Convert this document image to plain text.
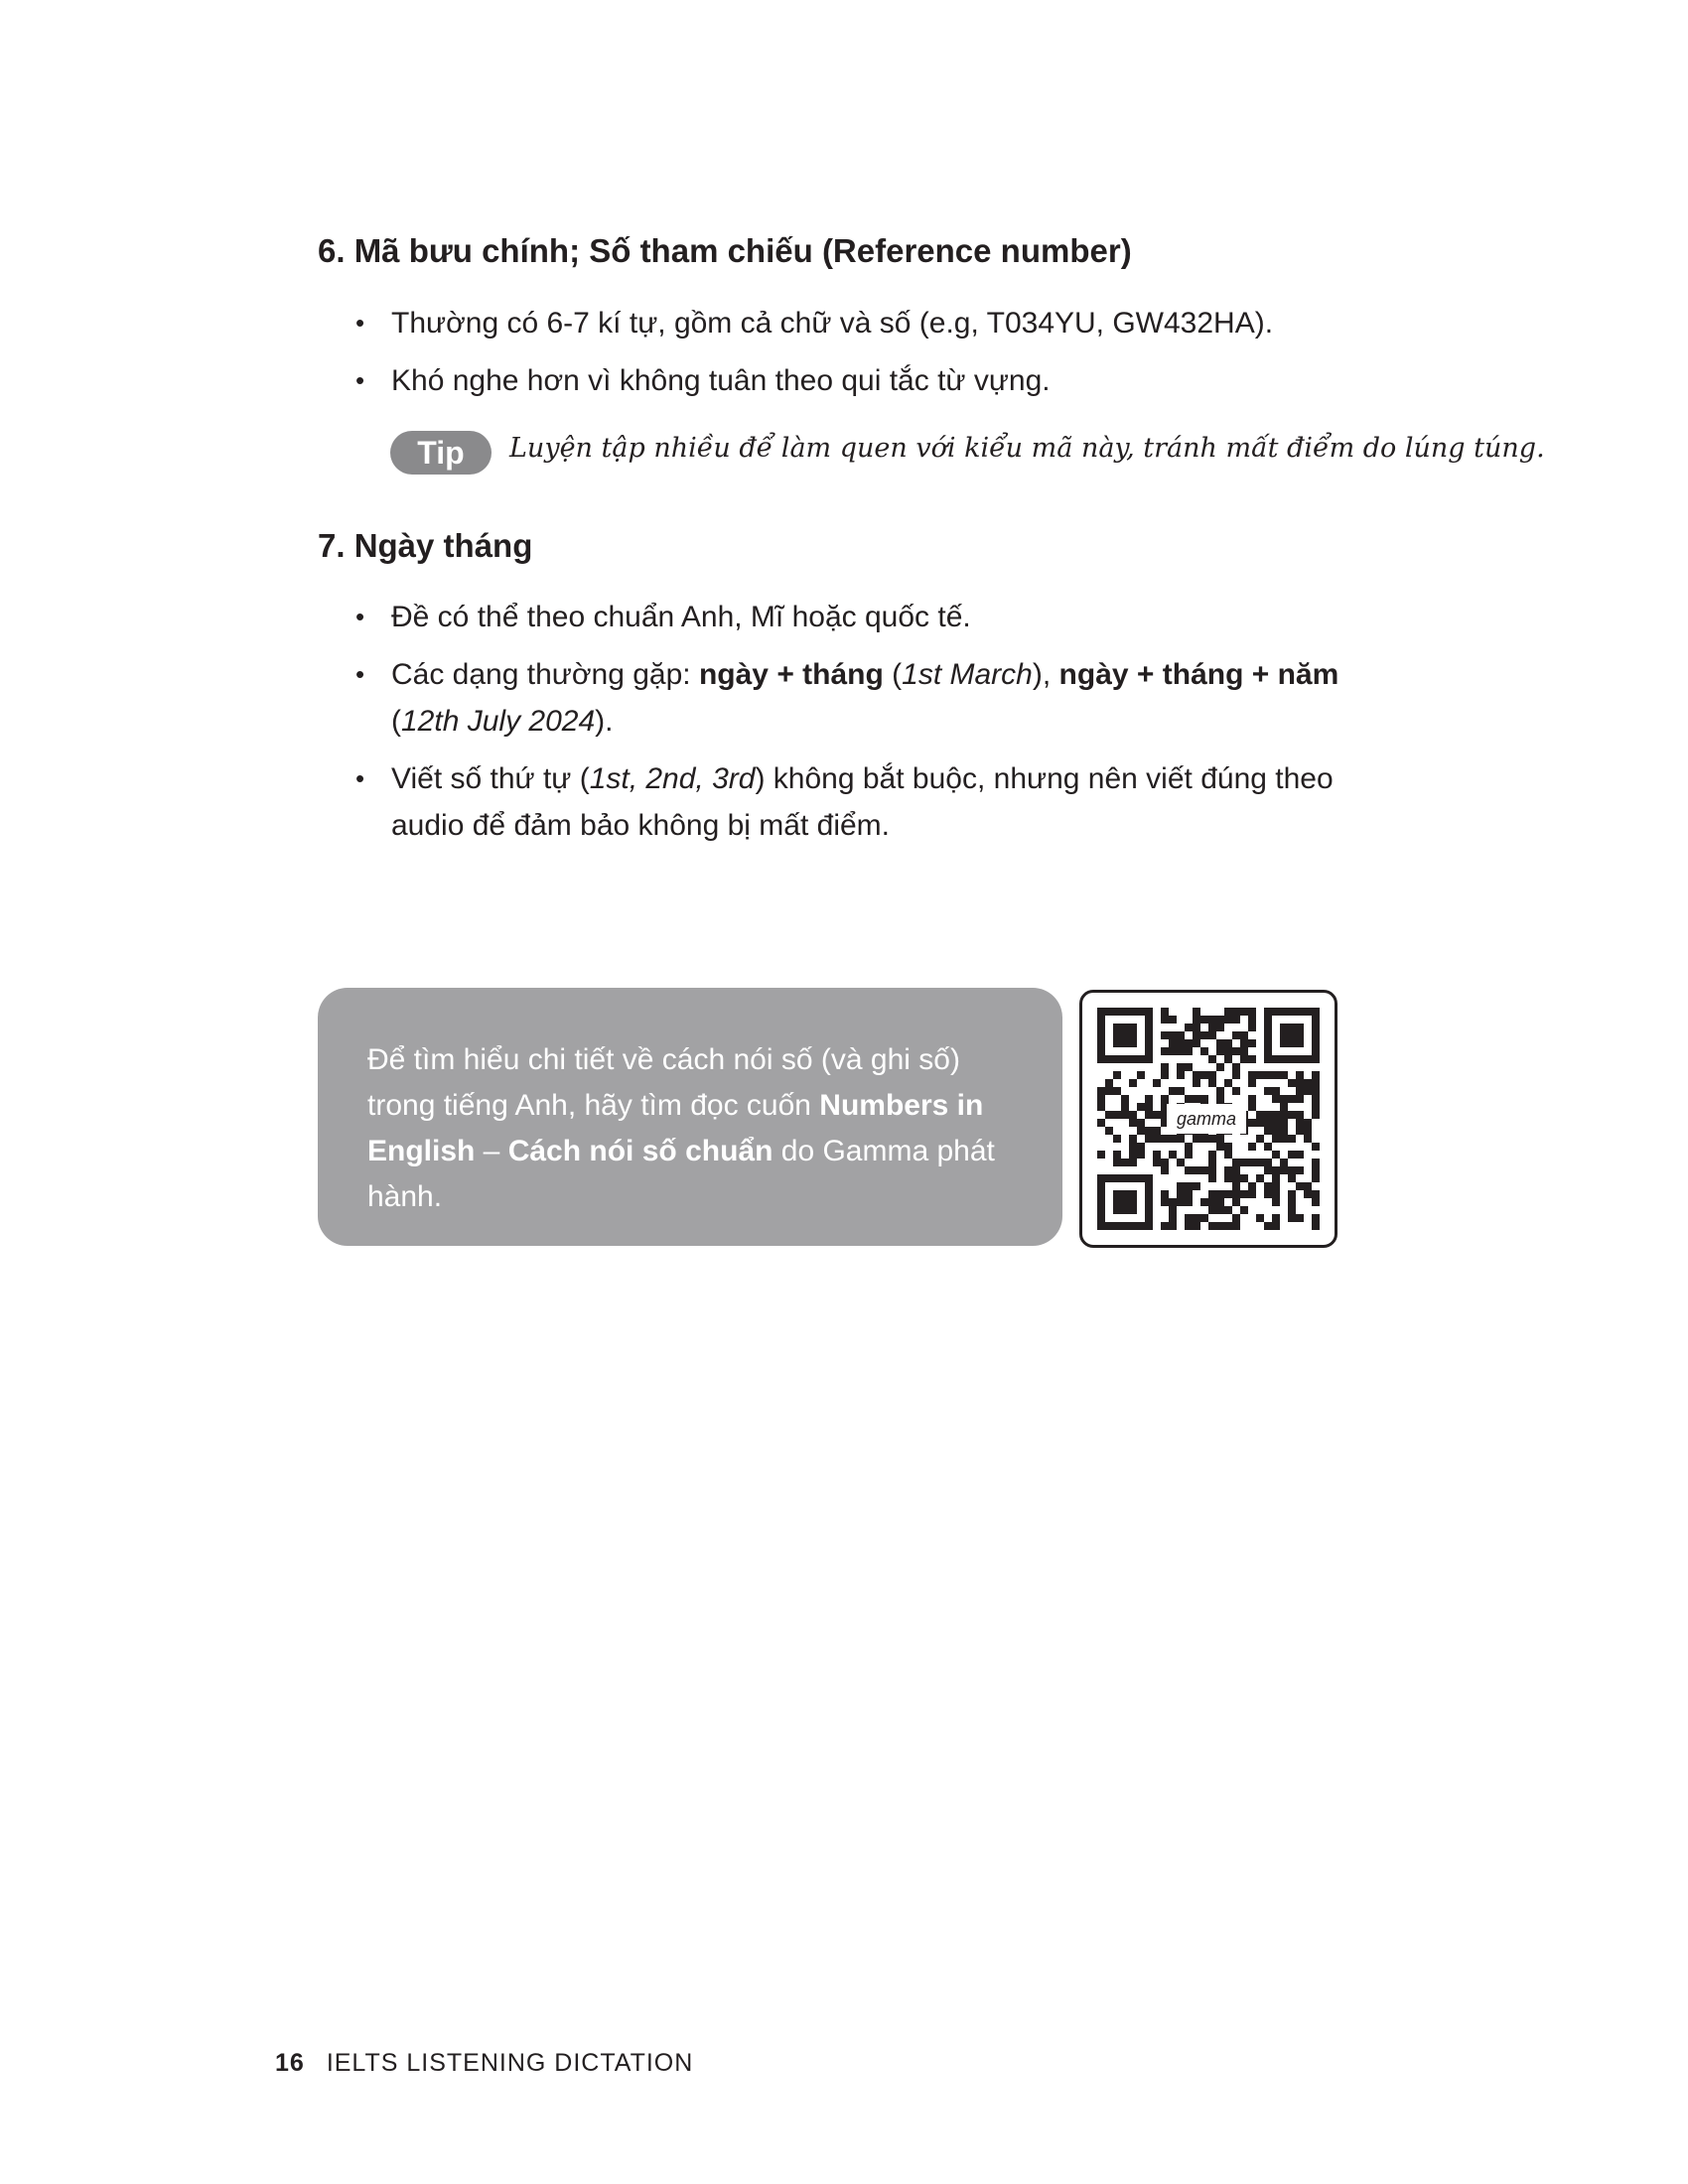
6. Mã bưu chính; Số tham chiếu (Reference number)
• Thường có 6-7 kí tự, gồm cả chữ và số (e.g, T034YU, GW432HA).
• Khó nghe hơn vì không tuân theo qui tắc từ vựng.
Tip	Luyện tập nhiều để làm quen với kiểu mã này, tránh mất điểm do lúng túng.
7. Ngày tháng
• Đề có thể theo chuẩn Anh, Mĩ hoặc quốc tế.
• Các dạng thường gặp: ngày + tháng (1st March), ngày + tháng + năm (12th July 2024).
• Viết số thứ tự (1st, 2nd, 3rd) không bắt buộc, nhưng nên viết đúng theo audio để đảm bảo không bị mất điểm.
Để tìm hiểu chi tiết về cách nói số (và ghi số) trong tiếng Anh, hãy tìm đọc cuốn Numbers in English – Cách nói số chuẩn do Gamma phát hành.
gamma
16 IELTS LISTENING DICTATION
